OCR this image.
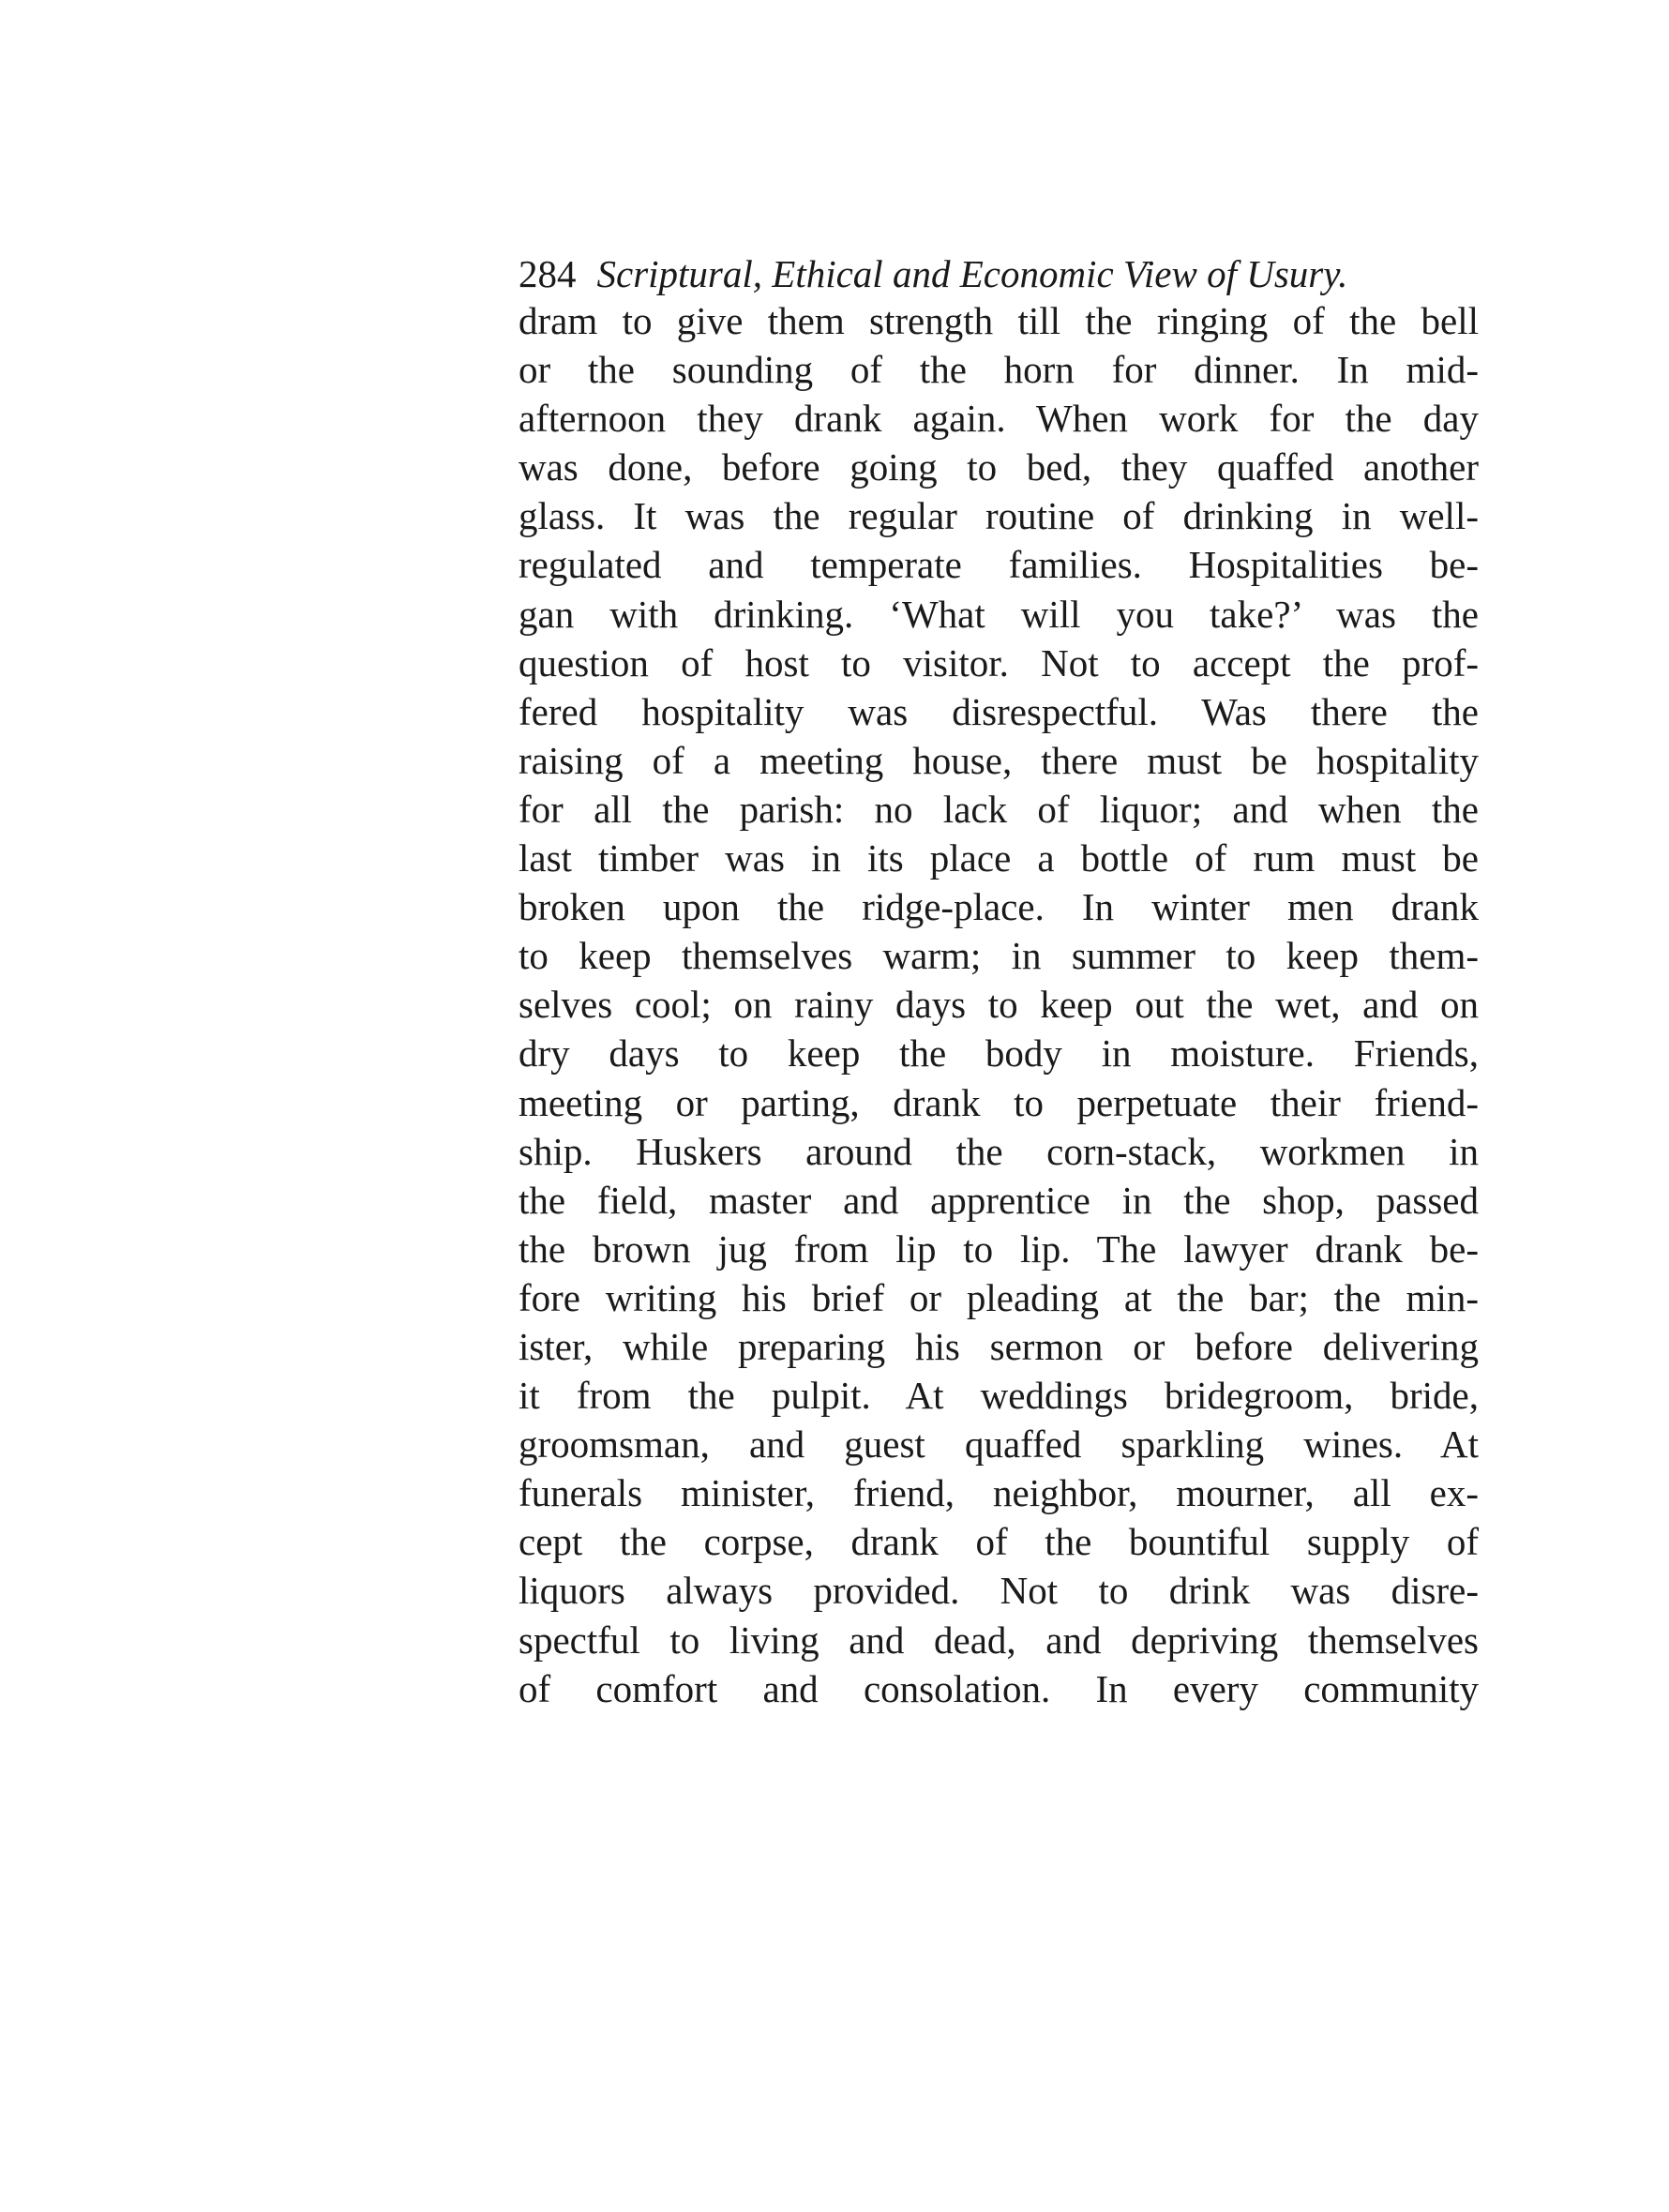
284 Scriptural, Ethical and Economic View of Usury.
dram to give them strength till the ringing of the bell
or the sounding of the horn for dinner. In mid-
afternoon they drank again. When work for the day
was done, before going to bed, they quaffed another
glass. It was the regular routine of drinking in well-
regulated and temperate families. Hospitalities be-
gan with drinking. ‘What will you take?’ was the
question of host to visitor. Not to accept the prof-
fered hospitality was disrespectful. Was there the
raising of a meeting house, there must be hospitality
for all the parish: no lack of liquor; and when the
last timber was in its place a bottle of rum must be
broken upon the ridge-place. In winter men drank
to keep themselves warm; in summer to keep them-
selves cool; on rainy days to keep out the wet, and on
dry days to keep the body in moisture. Friends,
meeting or parting, drank to perpetuate their friend-
ship. Huskers around the corn-stack, workmen in
the field, master and apprentice in the shop, passed
the brown jug from lip to lip. The lawyer drank be-
fore writing his brief or pleading at the bar; the min-
ister, while preparing his sermon or before delivering
it from the pulpit. At weddings bridegroom, bride,
groomsman, and guest quaffed sparkling wines. At
funerals minister, friend, neighbor, mourner, all ex-
cept the corpse, drank of the bountiful supply of
liquors always provided. Not to drink was disre-
spectful to living and dead, and depriving themselves
of comfort and consolation. In every community
